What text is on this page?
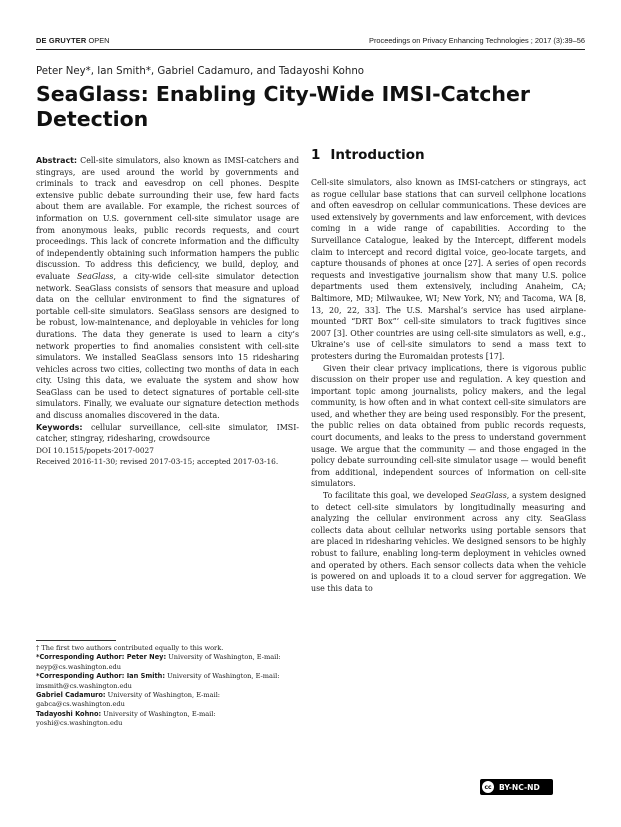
DE GRUYTER OPEN	Proceedings on Privacy Enhancing Technologies ; 2017 (3):39–56
Peter Ney*, Ian Smith*, Gabriel Cadamuro, and Tadayoshi Kohno
SeaGlass: Enabling City-Wide IMSI-Catcher Detection

Abstract: Cell-site simulators, also known as IMSI-catchers and stingrays, are used around the world by governments and criminals to track and eavesdrop on cell phones. Despite extensive public debate surrounding their use, few hard facts about them are available. For example, the richest sources of information on U.S. government cell-site simulator usage are from anonymous leaks, public records requests, and court proceedings. This lack of concrete information and the difficulty of independently obtaining such information hampers the public discussion. To address this deficiency, we build, deploy, and evaluate SeaGlass, a city-wide cell-site simulator detection network. SeaGlass consists of sensors that measure and upload data on the cellular environment to find the signatures of portable cell-site simulators. SeaGlass sensors are designed to be robust, low-maintenance, and deployable in vehicles for long durations. The data they generate is used to learn a city’s network properties to find anomalies consistent with cell-site simulators. We installed SeaGlass sensors into 15 ridesharing vehicles across two cities, collecting two months of data in each city. Using this data, we evaluate the system and show how SeaGlass can be used to detect signatures of portable cell-site simulators. Finally, we evaluate our signature detection methods and discuss anomalies discovered in the data.

Keywords: cellular surveillance, cell-site simulator, IMSI-catcher, stingray, ridesharing, crowdsource

DOI 10.1515/popets-2017-0027

Received 2016-11-30; revised 2017-03-15; accepted 2017-03-16.

† The first two authors contributed equally to this work.

*Corresponding Author: Peter Ney: University of Washington, E-mail: neyp@cs.washington.edu

*Corresponding Author: Ian Smith: University of Washington, E-mail: imsmith@cs.washington.edu

Gabriel Cadamuro: University of Washington, E-mail: gabca@cs.washington.edu

Tadayoshi Kohno: University of Washington, E-mail: yoshi@cs.washington.edu

1 Introduction

Cell-site simulators, also known as IMSI-catchers or stingrays, act as rogue cellular base stations that can surveil cellphone locations and often eavesdrop on cellular communications. These devices are used extensively by governments and law enforcement, with devices coming in a wide range of capabilities. According to the Surveillance Catalogue, leaked by the Intercept, different models claim to intercept and record digital voice, geo-locate targets, and capture thousands of phones at once [27]. A series of open records requests and investigative journalism show that many U.S. police departments used them extensively, including Anaheim, CA; Baltimore, MD; Milwaukee, WI; New York, NY; and Tacoma, WA [8, 13, 20, 22, 33]. The U.S. Marshal’s service has used airplane-mounted “DRT Box”’ cell-site simulators to track fugitives since 2007 [3]. Other countries are using cell-site simulators as well, e.g., Ukraine’s use of cell-site simulators to send a mass text to protesters during the Euromaidan protests [17].

Given their clear privacy implications, there is vigorous public discussion on their proper use and regulation. A key question and important topic among journalists, policy makers, and the legal community, is how often and in what context cell-site simulators are used, and whether they are being used responsibly. For the present, the public relies on data obtained from public records requests, court documents, and leaks to the press to understand government usage. We argue that the community — and those engaged in the policy debate surrounding cell-site simulator usage — would benefit from additional, independent sources of information on cell-site simulators.

To facilitate this goal, we developed SeaGlass, a system designed to detect cell-site simulators by longitudinally measuring and analyzing the cellular environment across any city. SeaGlass collects data about cellular networks using portable sensors that are placed in ridesharing vehicles. We designed sensors to be highly robust to failure, enabling long-term deployment in vehicles owned and operated by others. Each sensor collects data when the vehicle is powered on and uploads it to a cloud server for aggregation. We use this data to

cc BY-NC-ND
